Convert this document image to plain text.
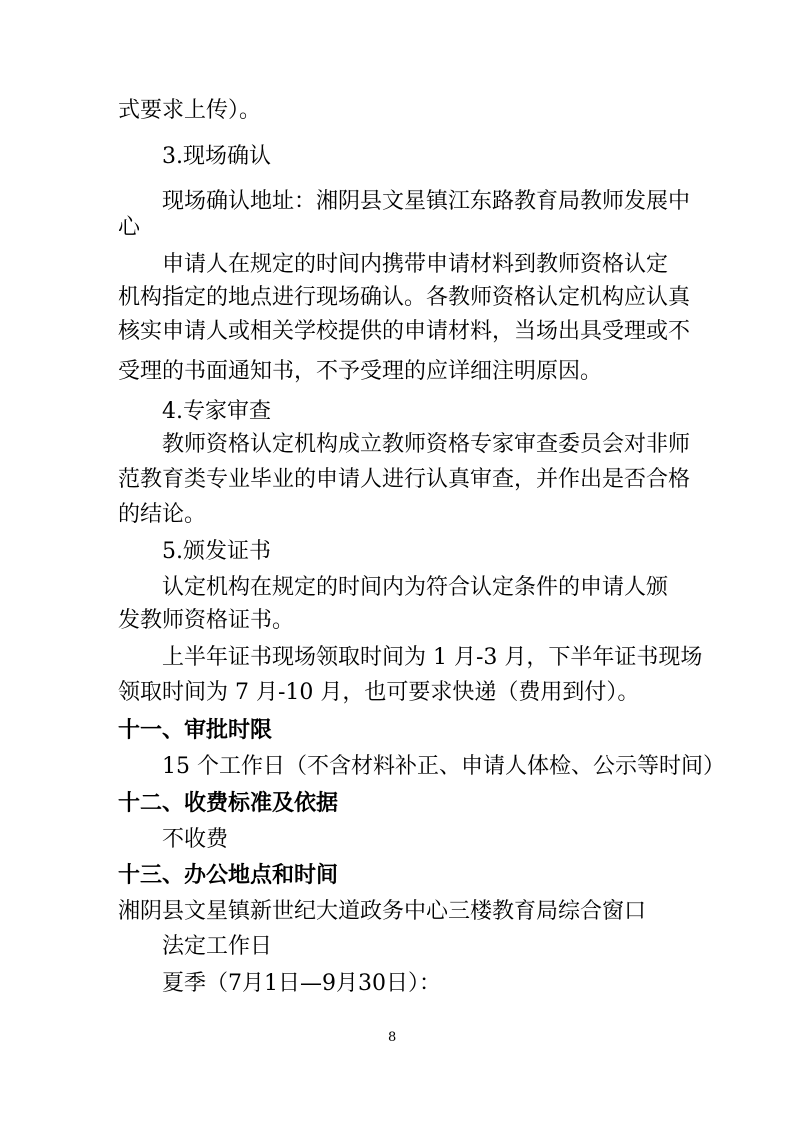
式要求上传）。
3.现场确认
现场确认地址：湘阴县文星镇江东路教育局教师发展中
心
申请人在规定的时间内携带申请材料到教师资格认定
机构指定的地点进行现场确认。各教师资格认定机构应认真
核实申请人或相关学校提供的申请材料，当场出具受理或不
受理的书面通知书，不予受理的应详细注明原因。
4.专家审查
教师资格认定机构成立教师资格专家审查委员会对非师
范教育类专业毕业的申请人进行认真审查，并作出是否合格
的结论。
5.颁发证书
认定机构在规定的时间内为符合认定条件的申请人颁
发教师资格证书。
上半年证书现场领取时间为 1 月-3 月，下半年证书现场
领取时间为 7 月-10 月，也可要求快递（费用到付）。
十一、审批时限
15 个工作日（不含材料补正、申请人体检、公示等时间）
十二、收费标准及依据
不收费
十三、办公地点和时间
湘阴县文星镇新世纪大道政务中心三楼教育局综合窗口
法定工作日
夏季（7月1日—9月30日）：
8
